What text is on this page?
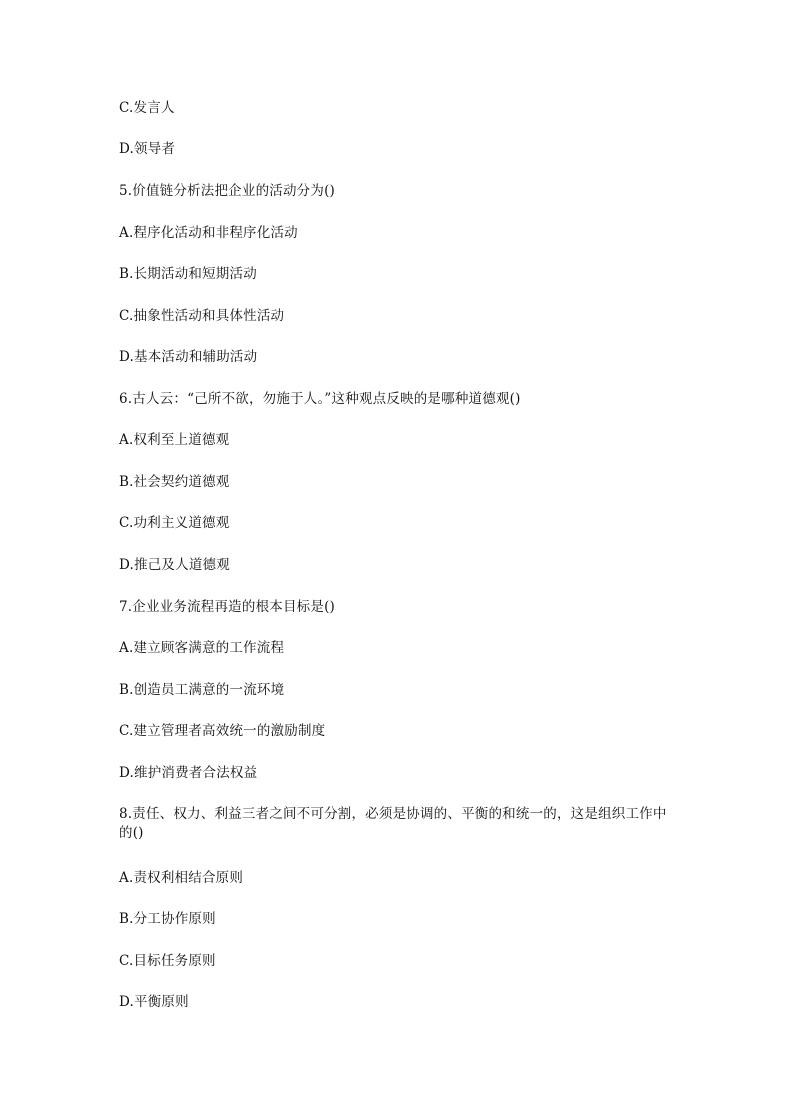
C.发言人
D.领导者
5.价值链分析法把企业的活动分为()
A.程序化活动和非程序化活动
B.长期活动和短期活动
C.抽象性活动和具体性活动
D.基本活动和辅助活动
6.古人云：“己所不欲，勿施于人。”这种观点反映的是哪种道德观()
A.权利至上道德观
B.社会契约道德观
C.功利主义道德观
D.推己及人道德观
7.企业业务流程再造的根本目标是()
A.建立顾客满意的工作流程
B.创造员工满意的一流环境
C.建立管理者高效统一的激励制度
D.维护消费者合法权益
8.责任、权力、利益三者之间不可分割，必须是协调的、平衡的和统一的，这是组织工作中的()
A.责权利相结合原则
B.分工协作原则
C.目标任务原则
D.平衡原则
